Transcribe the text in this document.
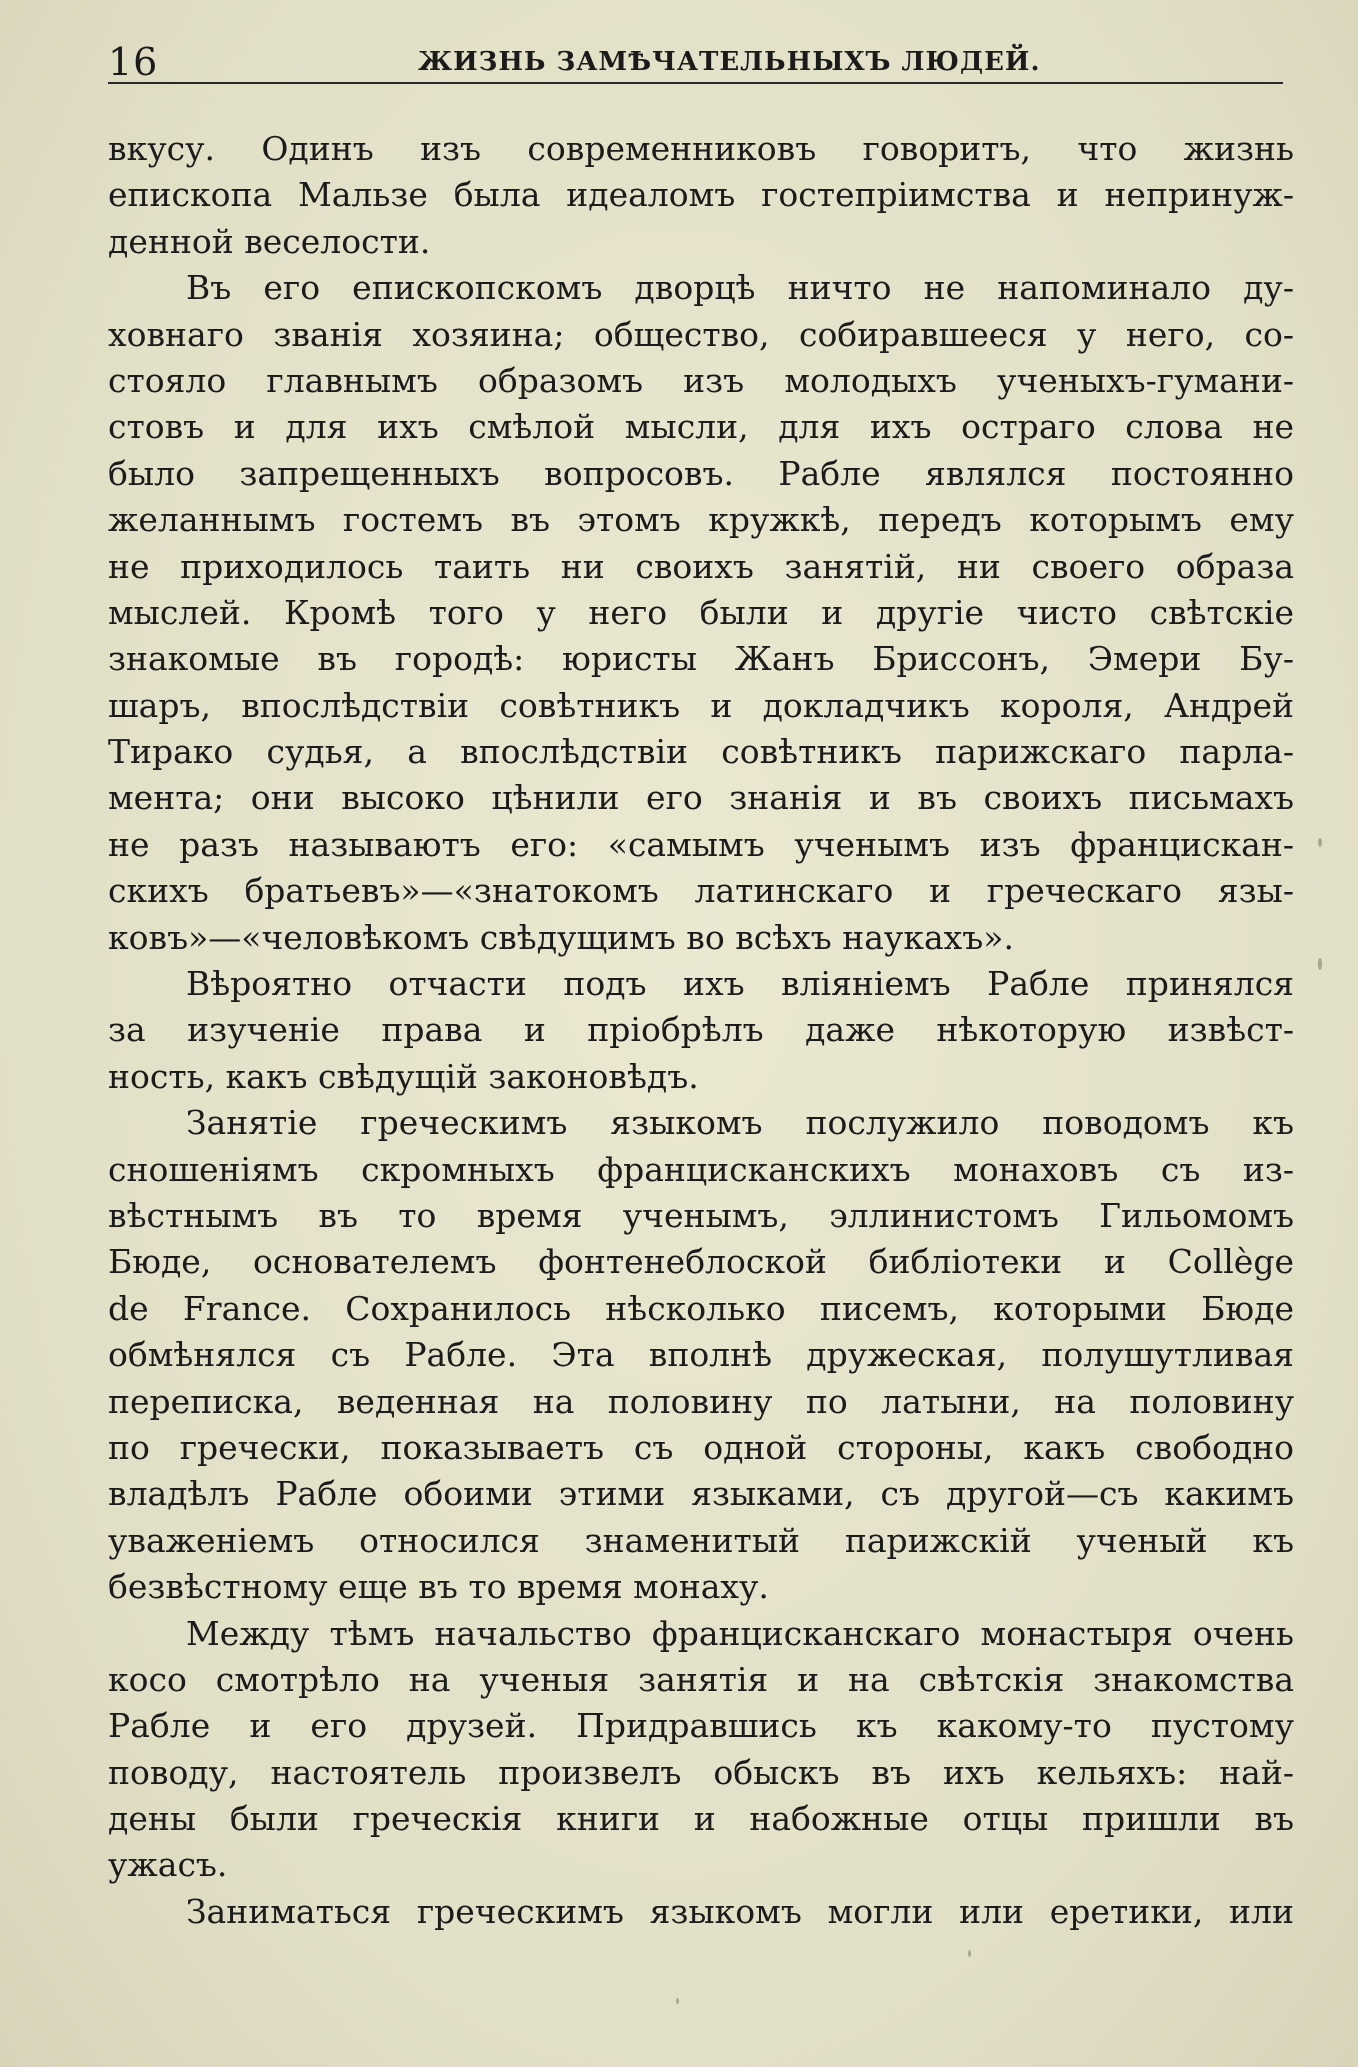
16	ЖИЗНЬ ЗАМѢЧАТЕЛЬНЫХЪ ЛЮДЕЙ.
вкусу. Одинъ изъ современниковъ говоритъ, что жизнь
епископа Мальзе была идеаломъ гостепріимства и непринуж-
денной веселости.
Въ его епископскомъ дворцѣ ничто не напоминало ду-
ховнаго званія хозяина; общество, собиравшееся у него, со-
стояло главнымъ образомъ изъ молодыхъ ученыхъ-гумани-
стовъ и для ихъ смѣлой мысли, для ихъ остраго слова не
было запрещенныхъ вопросовъ. Рабле являлся постоянно
желаннымъ гостемъ въ этомъ кружкѣ, передъ которымъ ему
не приходилось таить ни своихъ занятій, ни своего образа
мыслей. Кромѣ того у него были и другіе чисто свѣтскіе
знакомые въ городѣ: юристы Жанъ Бриссонъ, Эмери Бу-
шаръ, впослѣдствіи совѣтникъ и докладчикъ короля, Андрей
Тирако судья, а впослѣдствіи совѣтникъ парижскаго парла-
мента; они высоко цѣнили его знанія и въ своихъ письмахъ
не разъ называютъ его: «самымъ ученымъ изъ францискан-
скихъ братьевъ»—«знатокомъ латинскаго и греческаго язы-
ковъ»—«человѣкомъ свѣдущимъ во всѣхъ наукахъ».
Вѣроятно отчасти подъ ихъ вліяніемъ Рабле принялся
за изученіе права и пріобрѣлъ даже нѣкоторую извѣст-
ность, какъ свѣдущій законовѣдъ.
Занятіе греческимъ языкомъ послужило поводомъ къ
сношеніямъ скромныхъ францисканскихъ монаховъ съ из-
вѣстнымъ въ то время ученымъ, эллинистомъ Гильомомъ
Бюде, основателемъ фонтенеблоской библіотеки и Collège
de France. Сохранилось нѣсколько писемъ, которыми Бюде
обмѣнялся съ Рабле. Эта вполнѣ дружеская, полушутливая
переписка, веденная на половину по латыни, на половину
по гречески, показываетъ съ одной стороны, какъ свободно
владѣлъ Рабле обоими этими языками, съ другой—съ какимъ
уваженіемъ относился знаменитый парижскій ученый къ
безвѣстному еще въ то время монаху.
Между тѣмъ начальство францисканскаго монастыря очень
косо смотрѣло на ученыя занятія и на свѣтскія знакомства
Рабле и его друзей. Придравшись къ какому-то пустому
поводу, настоятель произвелъ обыскъ въ ихъ кельяхъ: най-
дены были греческія книги и набожные отцы пришли въ
ужасъ.
Заниматься греческимъ языкомъ могли или еретики, или
